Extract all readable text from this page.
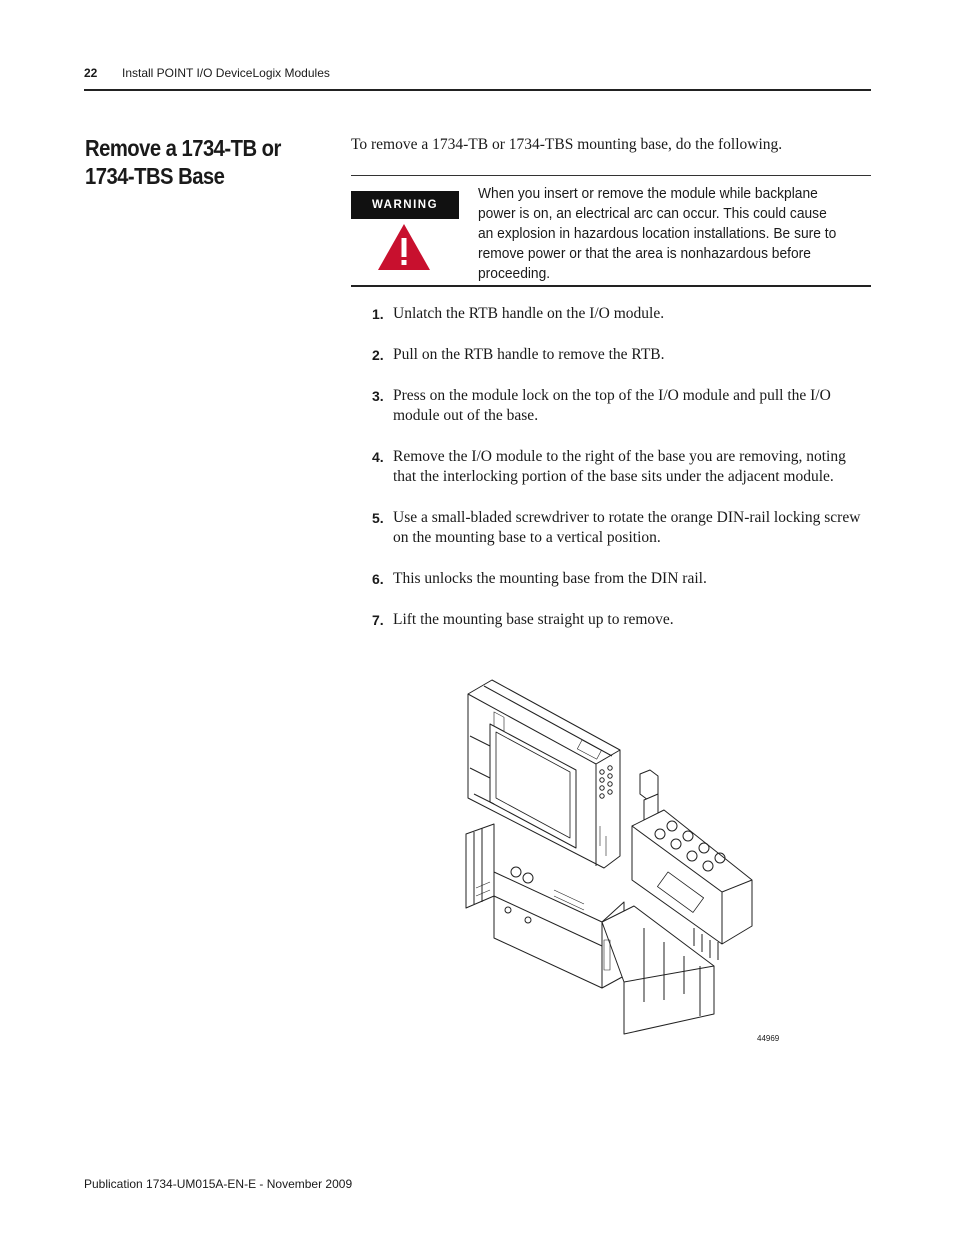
22 Install POINT I/O DeviceLogix Modules
Remove a 1734-TB or 1734-TBS Base
To remove a 1734-TB or 1734-TBS mounting base, do the following.
WARNING

When you insert or remove the module while backplane power is on, an electrical arc can occur. This could cause an explosion in hazardous location installations. Be sure to remove power or that the area is nonhazardous before proceeding.

1. Unlatch the RTB handle on the I/O module.
2. Pull on the RTB handle to remove the RTB.
3. Press on the module lock on the top of the I/O module and pull the I/O module out of the base.
4. Remove the I/O module to the right of the base you are removing, noting that the interlocking portion of the base sits under the adjacent module.
5. Use a small-bladed screwdriver to rotate the orange DIN-rail locking screw on the mounting base to a vertical position.
6. This unlocks the mounting base from the DIN rail.
7. Lift the mounting base straight up to remove.
44969
Publication 1734-UM015A-EN-E - November 2009
